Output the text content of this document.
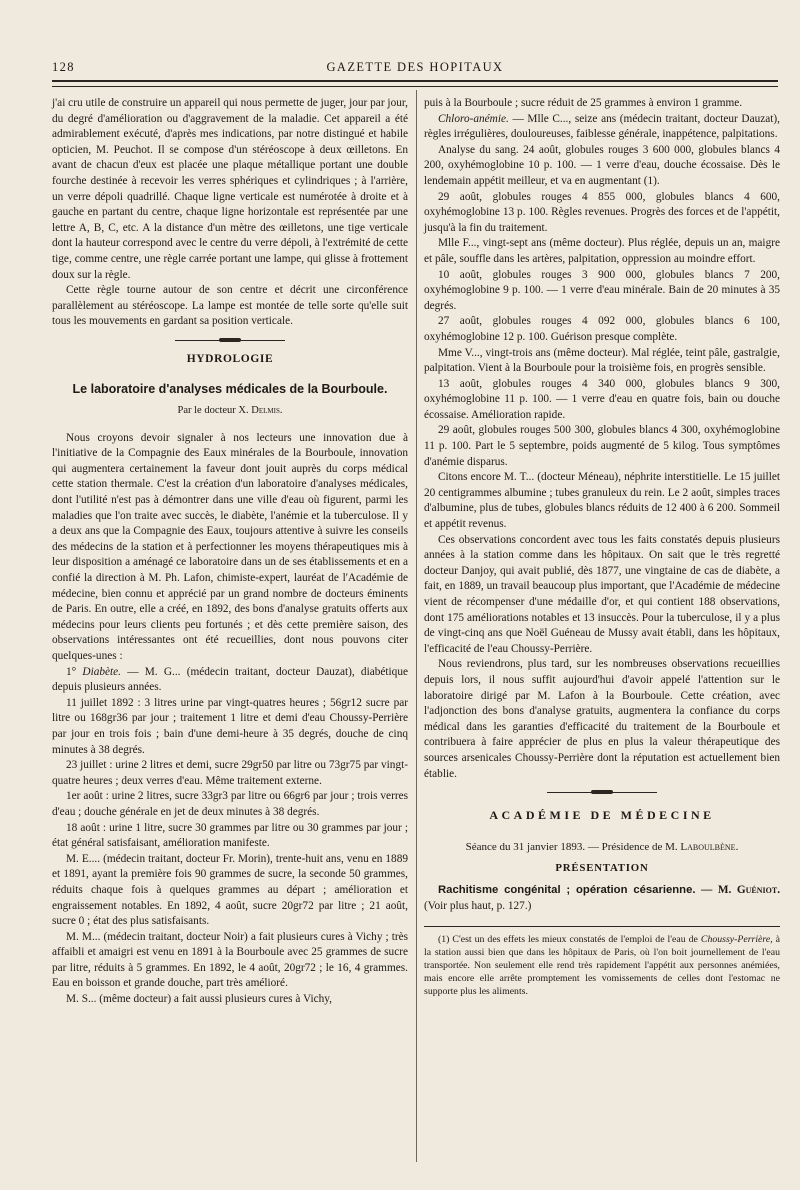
128	GAZETTE DES HOPITAUX

j'ai cru utile de construire un appareil qui nous permette de juger, jour par jour, du degré d'amélioration ou d'aggravement de la maladie. Cet appareil a été admirablement exécuté, d'après mes indications, par notre distingué et habile opticien, M. Peuchot. Il se compose d'un stéréoscope à deux œilletons. En avant de chacun d'eux est placée une plaque métallique portant une double fourche destinée à recevoir les verres sphériques et cylindriques ; à l'arrière, un verre dépoli quadrillé. Chaque ligne verticale est numérotée à droite et à gauche en partant du centre, chaque ligne horizontale est représentée par une lettre A, B, C, etc. A la distance d'un mètre des œilletons, une tige verticale dont la hauteur correspond avec le centre du verre dépoli, à l'extrémité de cette tige, comme centre, une règle carrée portant une lampe, qui glisse à frottement doux sur la règle.

Cette règle tourne autour de son centre et décrit une circonférence parallèlement au stéréoscope. La lampe est montée de telle sorte qu'elle suit tous les mouvements en gardant sa position verticale.

HYDROLOGIE
Le laboratoire d'analyses médicales de la Bourboule.
Par le docteur X. Delmis.

Nous croyons devoir signaler à nos lecteurs une innovation due à l'initiative de la Compagnie des Eaux minérales de la Bourboule, innovation qui augmentera certainement la faveur dont jouit auprès du corps médical cette station thermale. C'est la création d'un laboratoire d'analyses médicales, dont l'utilité n'est pas à démontrer dans une ville d'eau où figurent, parmi les maladies que l'on traite avec succès, le diabète, l'anémie et la tuberculose. Il y a deux ans que la Compagnie des Eaux, toujours attentive à suivre les conseils des médecins de la station et à perfectionner les moyens thérapeutiques mis à leur disposition a aménagé ce laboratoire dans un de ses établissements et en a confié la direction à M. Ph. Lafon, chimiste-expert, lauréat de l'Académie de médecine, bien connu et apprécié par un grand nombre de docteurs éminents de Paris. En outre, elle a créé, en 1892, des bons d'analyse gratuits offerts aux médecins pour leurs clients peu fortunés ; et dès cette première saison, des observations intéressantes ont été recueillies, dont nous pouvons citer quelques-unes :

1° Diabète. — M. G... (médecin traitant, docteur Dauzat), diabétique depuis plusieurs années.

11 juillet 1892 : 3 litres urine par vingt-quatres heures ; 56gr12 sucre par litre ou 168gr36 par jour ; traitement 1 litre et demi d'eau Choussy-Perrière par jour en trois fois ; bain d'une demi-heure à 35 degrés, douche de cinq minutes à 38 degrés.

23 juillet : urine 2 litres et demi, sucre 29gr50 par litre ou 73gr75 par vingt-quatre heures ; deux verres d'eau. Même traitement externe.

1er août : urine 2 litres, sucre 33gr3 par litre ou 66gr6 par jour ; trois verres d'eau ; douche générale en jet de deux minutes à 38 degrés.

18 août : urine 1 litre, sucre 30 grammes par litre ou 30 grammes par jour ; état général satisfaisant, amélioration manifeste.

M. E.... (médecin traitant, docteur Fr. Morin), trente-huit ans, venu en 1889 et 1891, ayant la première fois 90 grammes de sucre, la seconde 50 grammes, réduits chaque fois à quelques grammes au départ ; amélioration et engraissement notables. En 1892, 4 août, sucre 20gr72 par litre ; 21 août, sucre 0 ; état des plus satisfaisants.

M. M... (médecin traitant, docteur Noir) a fait plusieurs cures à Vichy ; très affaibli et amaigri est venu en 1891 à la Bourboule avec 25 grammes de sucre par litre, réduits à 5 grammes. En 1892, le 4 août, 20gr72 ; le 16, 4 grammes. Eau en boisson et grande douche, part très amélioré.

M. S... (même docteur) a fait aussi plusieurs cures à Vichy,

puis à la Bourboule ; sucre réduit de 25 grammes à environ 1 gramme.

Chloro-anémie. — Mlle C..., seize ans (médecin traitant, docteur Dauzat), règles irrégulières, douloureuses, faiblesse générale, inappétence, palpitations.

Analyse du sang. 24 août, globules rouges 3 600 000, globules blancs 4 200, oxyhémoglobine 10 p. 100. — 1 verre d'eau, douche écossaise. Dès le lendemain appétit meilleur, et va en augmentant (1).

29 août, globules rouges 4 855 000, globules blancs 4 600, oxyhémoglobine 13 p. 100. Règles revenues. Progrès des forces et de l'appétit, jusqu'à la fin du traitement.

Mlle F..., vingt-sept ans (même docteur). Plus réglée, depuis un an, maigre et pâle, souffle dans les artères, palpitation, oppression au moindre effort.

10 août, globules rouges 3 900 000, globules blancs 7 200, oxyhémoglobine 9 p. 100. — 1 verre d'eau minérale. Bain de 20 minutes à 35 degrés.

27 août, globules rouges 4 092 000, globules blancs 6 100, oxyhémoglobine 12 p. 100. Guérison presque complète.

Mme V..., vingt-trois ans (même docteur). Mal réglée, teint pâle, gastralgie, palpitation. Vient à la Bourboule pour la troisième fois, en progrès sensible.

13 août, globules rouges 4 340 000, globules blancs 9 300, oxyhémoglobine 11 p. 100. — 1 verre d'eau en quatre fois, bain ou douche écossaise. Amélioration rapide.

29 août, globules rouges 500 300, globules blancs 4 300, oxyhémoglobine 11 p. 100. Part le 5 septembre, poids augmenté de 5 kilog. Tous symptômes d'anémie disparus.

Citons encore M. T... (docteur Méneau), néphrite interstitielle. Le 15 juillet 20 centigrammes albumine ; tubes granuleux du rein. Le 2 août, simples traces d'albumine, plus de tubes, globules blancs réduits de 12 400 à 6 200. Sommeil et appétit revenus.

Ces observations concordent avec tous les faits constatés depuis plusieurs années à la station comme dans les hôpitaux. On sait que le très regretté docteur Danjoy, qui avait publié, dès 1877, une vingtaine de cas de diabète, a fait, en 1889, un travail beaucoup plus important, que l'Académie de médecine vient de récompenser d'une médaille d'or, et qui contient 188 observations, dont 175 améliorations notables et 13 insuccès. Pour la tuberculose, il y a plus de vingt-cinq ans que Noël Guéneau de Mussy avait établi, dans les hôpitaux, l'efficacité de l'eau Choussy-Perrière.

Nous reviendrons, plus tard, sur les nombreuses observations recueillies depuis lors, il nous suffit aujourd'hui d'avoir appelé l'attention sur le laboratoire dirigé par M. Lafon à la Bourboule. Cette création, avec l'adjonction des bons d'analyse gratuits, augmentera la confiance du corps médical dans les garanties d'efficacité du traitement de la Bourboule et contribuera à faire apprécier de plus en plus la valeur thérapeutique des sources arsenicales Choussy-Perrière dont la réputation est actuellement bien établie.

ACADÉMIE DE MÉDECINE
Séance du 31 janvier 1893. — Présidence de M. Laboulbène.
PRÉSENTATION

Rachitisme congénital ; opération césarienne. — M. Guéniot. (Voir plus haut, p. 127.)

(1) C'est un des effets les mieux constatés de l'emploi de l'eau de Choussy-Perrière, à la station aussi bien que dans les hôpitaux de Paris, où l'on boit journellement de l'eau transportée. Non seulement elle rend très rapidement l'appétit aux personnes anémiées, mais encore elle arrête promptement les vomissements de celles dont l'estomac ne supporte plus les aliments.
